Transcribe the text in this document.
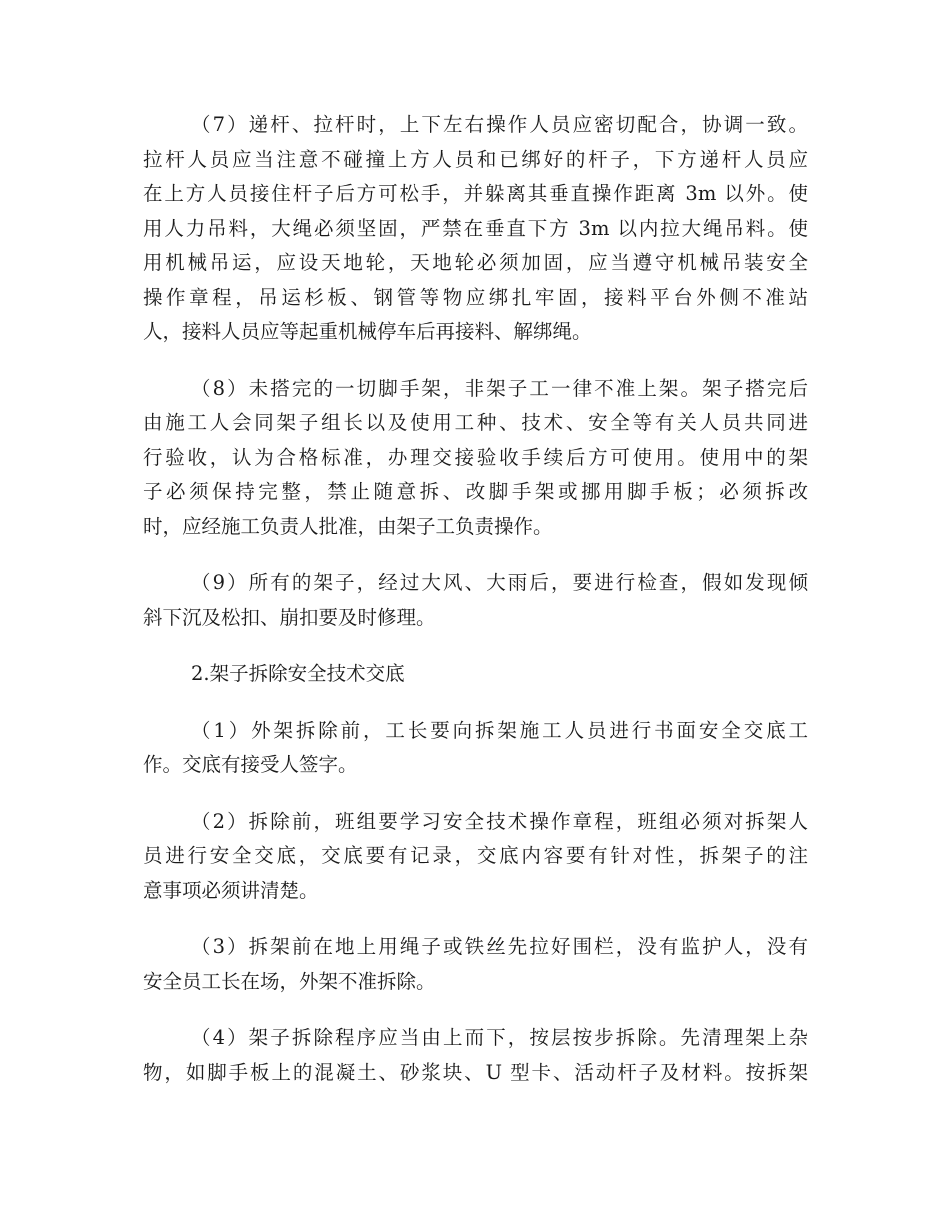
（7）递杆、拉杆时，上下左右操作人员应密切配合，协调一致。
拉杆人员应当注意不碰撞上方人员和已绑好的杆子，下方递杆人员应
在上方人员接住杆子后方可松手，并躲离其垂直操作距离 3m 以外。使
用人力吊料，大绳必须坚固，严禁在垂直下方 3m 以内拉大绳吊料。使
用机械吊运，应设天地轮，天地轮必须加固，应当遵守机械吊装安全
操作章程，吊运杉板、钢管等物应绑扎牢固，接料平台外侧不准站
人，接料人员应等起重机械停车后再接料、解绑绳。

（8）未搭完的一切脚手架，非架子工一律不准上架。架子搭完后
由施工人会同架子组长以及使用工种、技术、安全等有关人员共同进
行验收，认为合格标准，办理交接验收手续后方可使用。使用中的架
子必须保持完整，禁止随意拆、改脚手架或挪用脚手板；必须拆改
时，应经施工负责人批准，由架子工负责操作。

（9）所有的架子，经过大风、大雨后，要进行检查，假如发现倾
斜下沉及松扣、崩扣要及时修理。

2.架子拆除安全技术交底

（1）外架拆除前，工长要向拆架施工人员进行书面安全交底工
作。交底有接受人签字。

（2）拆除前，班组要学习安全技术操作章程，班组必须对拆架人
员进行安全交底，交底要有记录，交底内容要有针对性，拆架子的注
意事项必须讲清楚。

（3）拆架前在地上用绳子或铁丝先拉好围栏，没有监护人，没有
安全员工长在场，外架不准拆除。

（4）架子拆除程序应当由上而下，按层按步拆除。先清理架上杂
物，如脚手板上的混凝土、砂浆块、U 型卡、活动杆子及材料。按拆架
